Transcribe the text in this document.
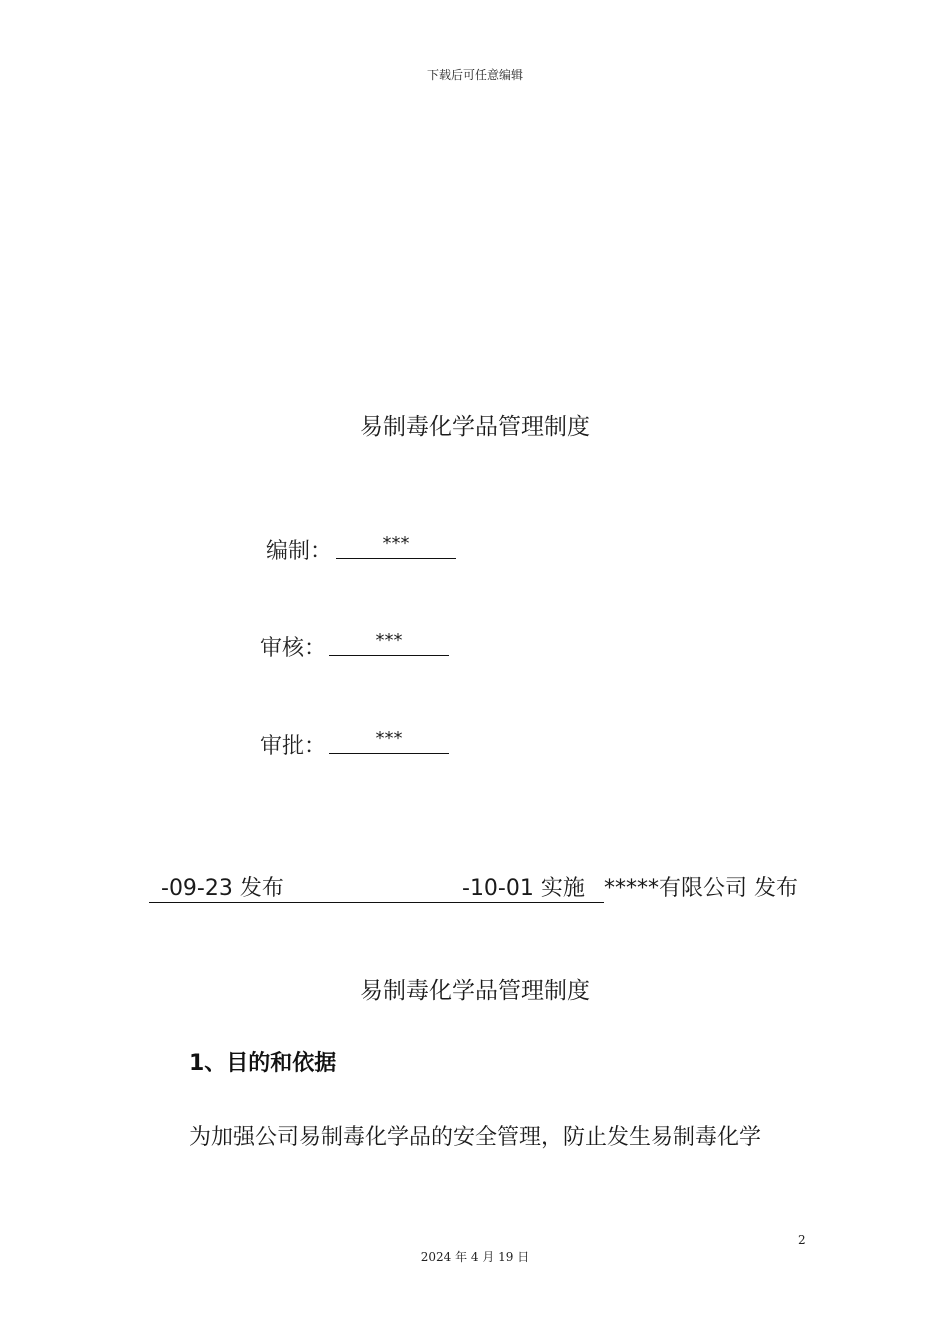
下载后可任意编辑
易制毒化学品管理制度
编制：	***
审核：	***
审批：	***
-09-23 发布	-10-01 实施 *****有限公司 发布
易制毒化学品管理制度
1、目的和依据
为加强公司易制毒化学品的安全管理，防止发生易制毒化学
2
2024 年 4 月 19 日
